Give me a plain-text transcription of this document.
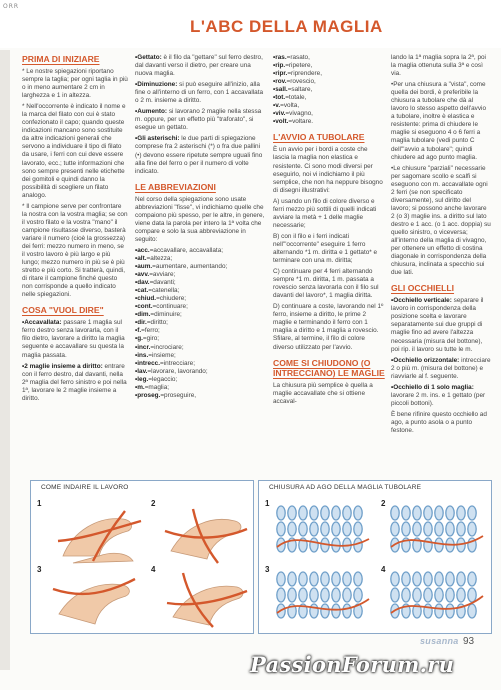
ORR
L'ABC DELLA MAGLIA
PRIMA DI INIZIARE

* Le nostre spiegazioni riportano sempre la taglia; per ogni taglia in più o in meno aumentare 2 cm in larghezza e 1 in altezza.

* Nell'occorrente è indicato il nome e la marca del filato con cui è stato confezionato il capo; quando queste indicazioni mancano sono sostituite da altre indicazioni generali che servono a individuare il tipo di filato da usare, i ferri con cui deve essere lavorato, ecc.; tutte informazioni che sono sempre presenti nelle etichette dei gomitoli e quindi danno la possibilità di scegliere un filato analogo.

* Il campione serve per confrontare la nostra con la vostra maglia; se con il vostro filato e la vostra "mano" il campione risultasse diverso, basterà variare il numero (cioè la grossezza) dei ferri: mezzo numero in meno, se il vostro lavoro è più largo e più lungo; mezzo numero in più se è più stretto e più corto. Si tratterà, quindi, di ritare il campione finché questo non corrisponde a quello indicato nelle spiegazioni.

COSA "VUOL DIRE"

•Accavallata: passare 1 maglia sul ferro destro senza lavorarla, con il filo dietro, lavorare a diritto la maglia seguente e accavallare su questa la maglia passata.

•2 maglie insieme a diritto: entrare con il ferro destro, dal davanti, nella 2ª maglia del ferro sinistro e poi nella 1ª, lavorare le 2 maglie insieme a diritto.

•Gettato: è il filo da "gettare" sul ferro destro, dal davanti verso il dietro, per creare una nuova maglia.

•Diminuzione: si può eseguire all'inizio, alla fine o all'interno di un ferro, con 1 accavallata o 2 m. insieme a diritto.

•Aumento: si lavorano 2 maglie nella stessa m. oppure, per un effetto più "traforato", si esegue un gettato.

•Gli asterischi: le due parti di spiegazione comprese fra 2 asterischi (*) o fra due pallini (•) devono essere ripetute sempre uguali fino alla fine del ferro o per il numero di volte indicato.

LE ABBREVIAZIONI

Nel corso della spiegazione sono usate abbreviazioni "fisse", vi indichiamo quelle che compaiono più spesso, per le altre, in genere, viene data la parola per intero la 1ª volta che compare e solo la sua abbreviazione in seguito:

•acc.=accavallare, accavallata;
•alt.=altezza;
•aum.=aumentare, aumentando;
•avv.=avviare;
•dav.=davanti;
•cat.=catenella;
•chiud.=chiudere;
•cont.=continuare;
•dim.=diminuire;
•dir.=diritto;
•f.=ferro;
•g.=giro;
•incr.=incrociare;
•ins.=insieme;
•intrecc.=intrecciare;
•lav.=lavorare, lavorando;
•leg.=legaccio;
•m.=maglia;
•proseg.=proseguire,
•ras.=rasato,
•rip.=ripetere,
•ripr.=riprendere,
•rov.=rovescio,
•sall.=saltare,
•tot.=totale,
•v.=volta,
•viv.=vivagno,
•volt.=voltare.
L'AVVIO A TUBOLARE

È un avvio per i bordi a coste che lascia la maglia non elastica e resistente. Ci sono modi diversi per eseguirlo, noi vi indichiamo il più semplice, che non ha neppure bisogno di disegni illustrativi:

A) usando un filo di colore diverso e ferri mezzo più sottili di quelli indicati avviare la metà + 1 delle maglie necessarie;

B) con il filo e i ferri indicati nell'"occorrente" eseguire 1 ferro alternando *1 m. diritta e 1 gettato* e terminare con una m. diritta;

C) continuare per 4 ferri alternando sempre *1 m. diritta, 1 m. passata a rovescio senza lavorarla con il filo sul davanti del lavoro*, 1 maglia diritta.

D) continuare a coste, lavorando nel 1º ferro, insieme a diritto, le prime 2 maglie e terminando il ferro con 1 maglia a diritto e 1 maglia a rovescio. Sfilare, al termine, il filo di colore diverso utilizzato per l'avvio.

COME SI CHIUDONO (O INTRECCIANO) LE MAGLIE

La chiusura più semplice è quella a maglie accavallate che si ottiene accaval-

lando la 1ª maglia sopra la 2ª, poi la maglia ottenuta sulla 3ª e così via.

•Per una chiusura a "vista", come quella dei bordi, è preferibile la chiusura a tubolare che dà al lavoro lo stesso aspetto dell'avvio a tubolare, inoltre è elastica e resistente: prima di chiudere le maglie si eseguono 4 o 6 ferri a maglia tubolare (vedi punto C dell'"avvio a tubolare"; quindi chiudere ad ago punto maglia.

•Le chiusure "parziali" necessarie per sagomare scollo e scalfi si eseguono con m. accavallate ogni 2 ferri (se non specificato diversamente), sul diritto del lavoro; si possono anche lavorare 2 (o 3) maglie ins. a diritto sul lato destro e 1 acc. (o 1 acc. doppia) su quello sinistro, o viceversa; all'interno della maglia di vivagno, per ottenere un effetto di costina diagonale in corrispondenza della chiusura, inclinata a specchio sui due lati.

GLI OCCHIELLI

•Occhiello verticale: separare il lavoro in corrispondenza della posizione scelta e lavorare separatamente sui due gruppi di maglie fino ad avere l'altezza necessaria (misura del bottone), poi rip. il lavoro su tutte le m.

•Occhiello orizzontale: intrecciare 2 o più m. (misura del bottone) e riavviarle al f. seguente.

•Occhiello di 1 solo maglia: lavorare 2 m. ins. e 1 gettato (per piccoli bottoni).

È bene rifinire questo occhiello ad ago, a punto asola o a punto festone.

COME INDAIRE IL LAVORO
1	2
3	4
CHIUSURA AD AGO DELLA MAGLIA TUBOLARE
1	2
3	4
susanna 93
PassionForum.ru
